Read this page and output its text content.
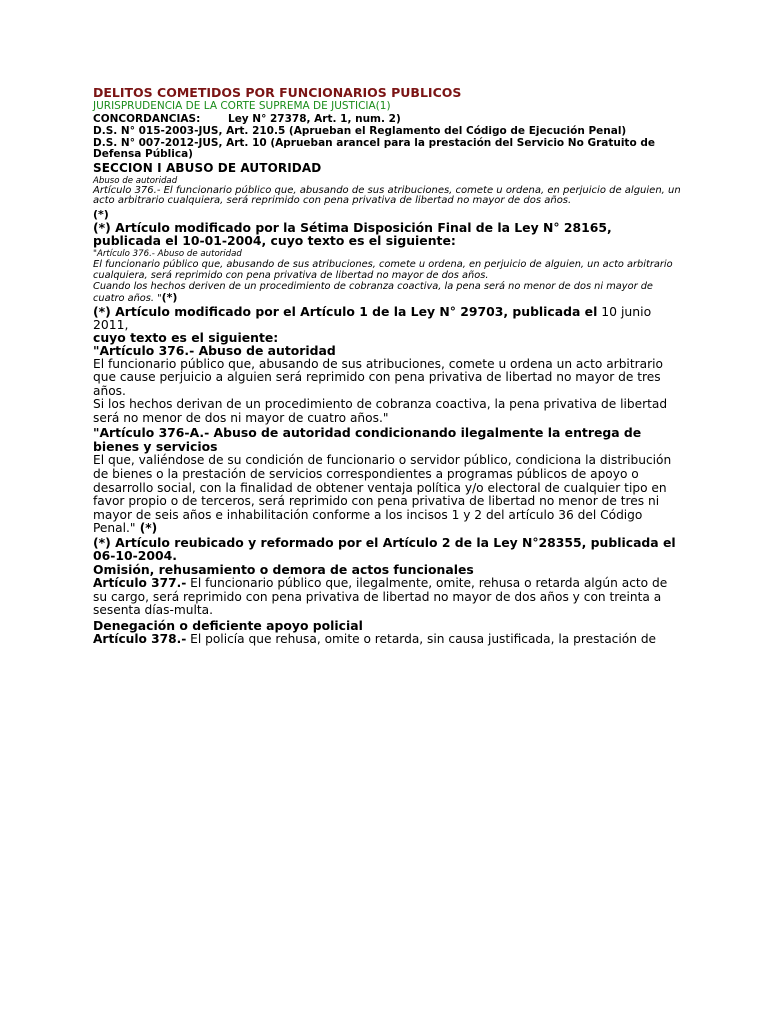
DELITOS COMETIDOS POR FUNCIONARIOS PUBLICOS
JURISPRUDENCIA DE LA CORTE SUPREMA DE JUSTICIA(1)
CONCORDANCIAS:	Ley N° 27378, Art. 1, num. 2)
D.S. N° 015-2003-JUS, Art. 210.5 (Aprueban el Reglamento del Código de Ejecución Penal)
D.S. N° 007-2012-JUS, Art. 10 (Aprueban arancel para la prestación del Servicio No Gratuito de Defensa Pública)
SECCION I ABUSO DE AUTORIDAD
Abuso de autoridad
Artículo 376.- El funcionario público que, abusando de sus atribuciones, comete u ordena, en perjuicio de alguien, un acto arbitrario cualquiera, será reprimido con pena privativa de libertad no mayor de dos años.
(*)
(*) Artículo modificado por la Sétima Disposición Final de la Ley N° 28165, publicada el 10-01-2004, cuyo texto es el siguiente:
"Artículo 376.- Abuso de autoridad
El funcionario público que, abusando de sus atribuciones, comete u ordena, en perjuicio de alguien, un acto arbitrario cualquiera, será reprimido con pena privativa de libertad no mayor de dos años.
Cuando los hechos deriven de un procedimiento de cobranza coactiva, la pena será no menor de dos ni mayor de cuatro años. "(*)
(*) Artículo modificado por el Artículo 1 de la Ley N° 29703, publicada el 10 junio 2011,
cuyo texto es el siguiente:
"Artículo 376.- Abuso de autoridad
El funcionario público que, abusando de sus atribuciones, comete u ordena un acto arbitrario que cause perjuicio a alguien será reprimido con pena privativa de libertad no mayor de tres años.
Si los hechos derivan de un procedimiento de cobranza coactiva, la pena privativa de libertad será no menor de dos ni mayor de cuatro años."
"Artículo 376-A.- Abuso de autoridad condicionando ilegalmente la entrega de bienes y servicios
El que, valiéndose de su condición de funcionario o servidor público, condiciona la distribución de bienes o la prestación de servicios correspondientes a programas públicos de apoyo o desarrollo social, con la finalidad de obtener ventaja política y/o electoral de cualquier tipo en favor propio o de terceros, será reprimido con pena privativa de libertad no menor de tres ni mayor de seis años e inhabilitación conforme a los incisos 1 y 2 del artículo 36 del Código Penal." (*)
(*) Artículo reubicado y reformado por el Artículo 2 de la Ley N°28355, publicada el 06-10-2004.
Omisión, rehusamiento o demora de actos funcionales
Artículo 377.- El funcionario público que, ilegalmente, omite, rehusa o retarda algún acto de su cargo, será reprimido con pena privativa de libertad no mayor de dos años y con treinta a sesenta días-multa.
Denegación o deficiente apoyo policial
Artículo 378.- El policía que rehusa, omite o retarda, sin causa justificada, la prestación de
